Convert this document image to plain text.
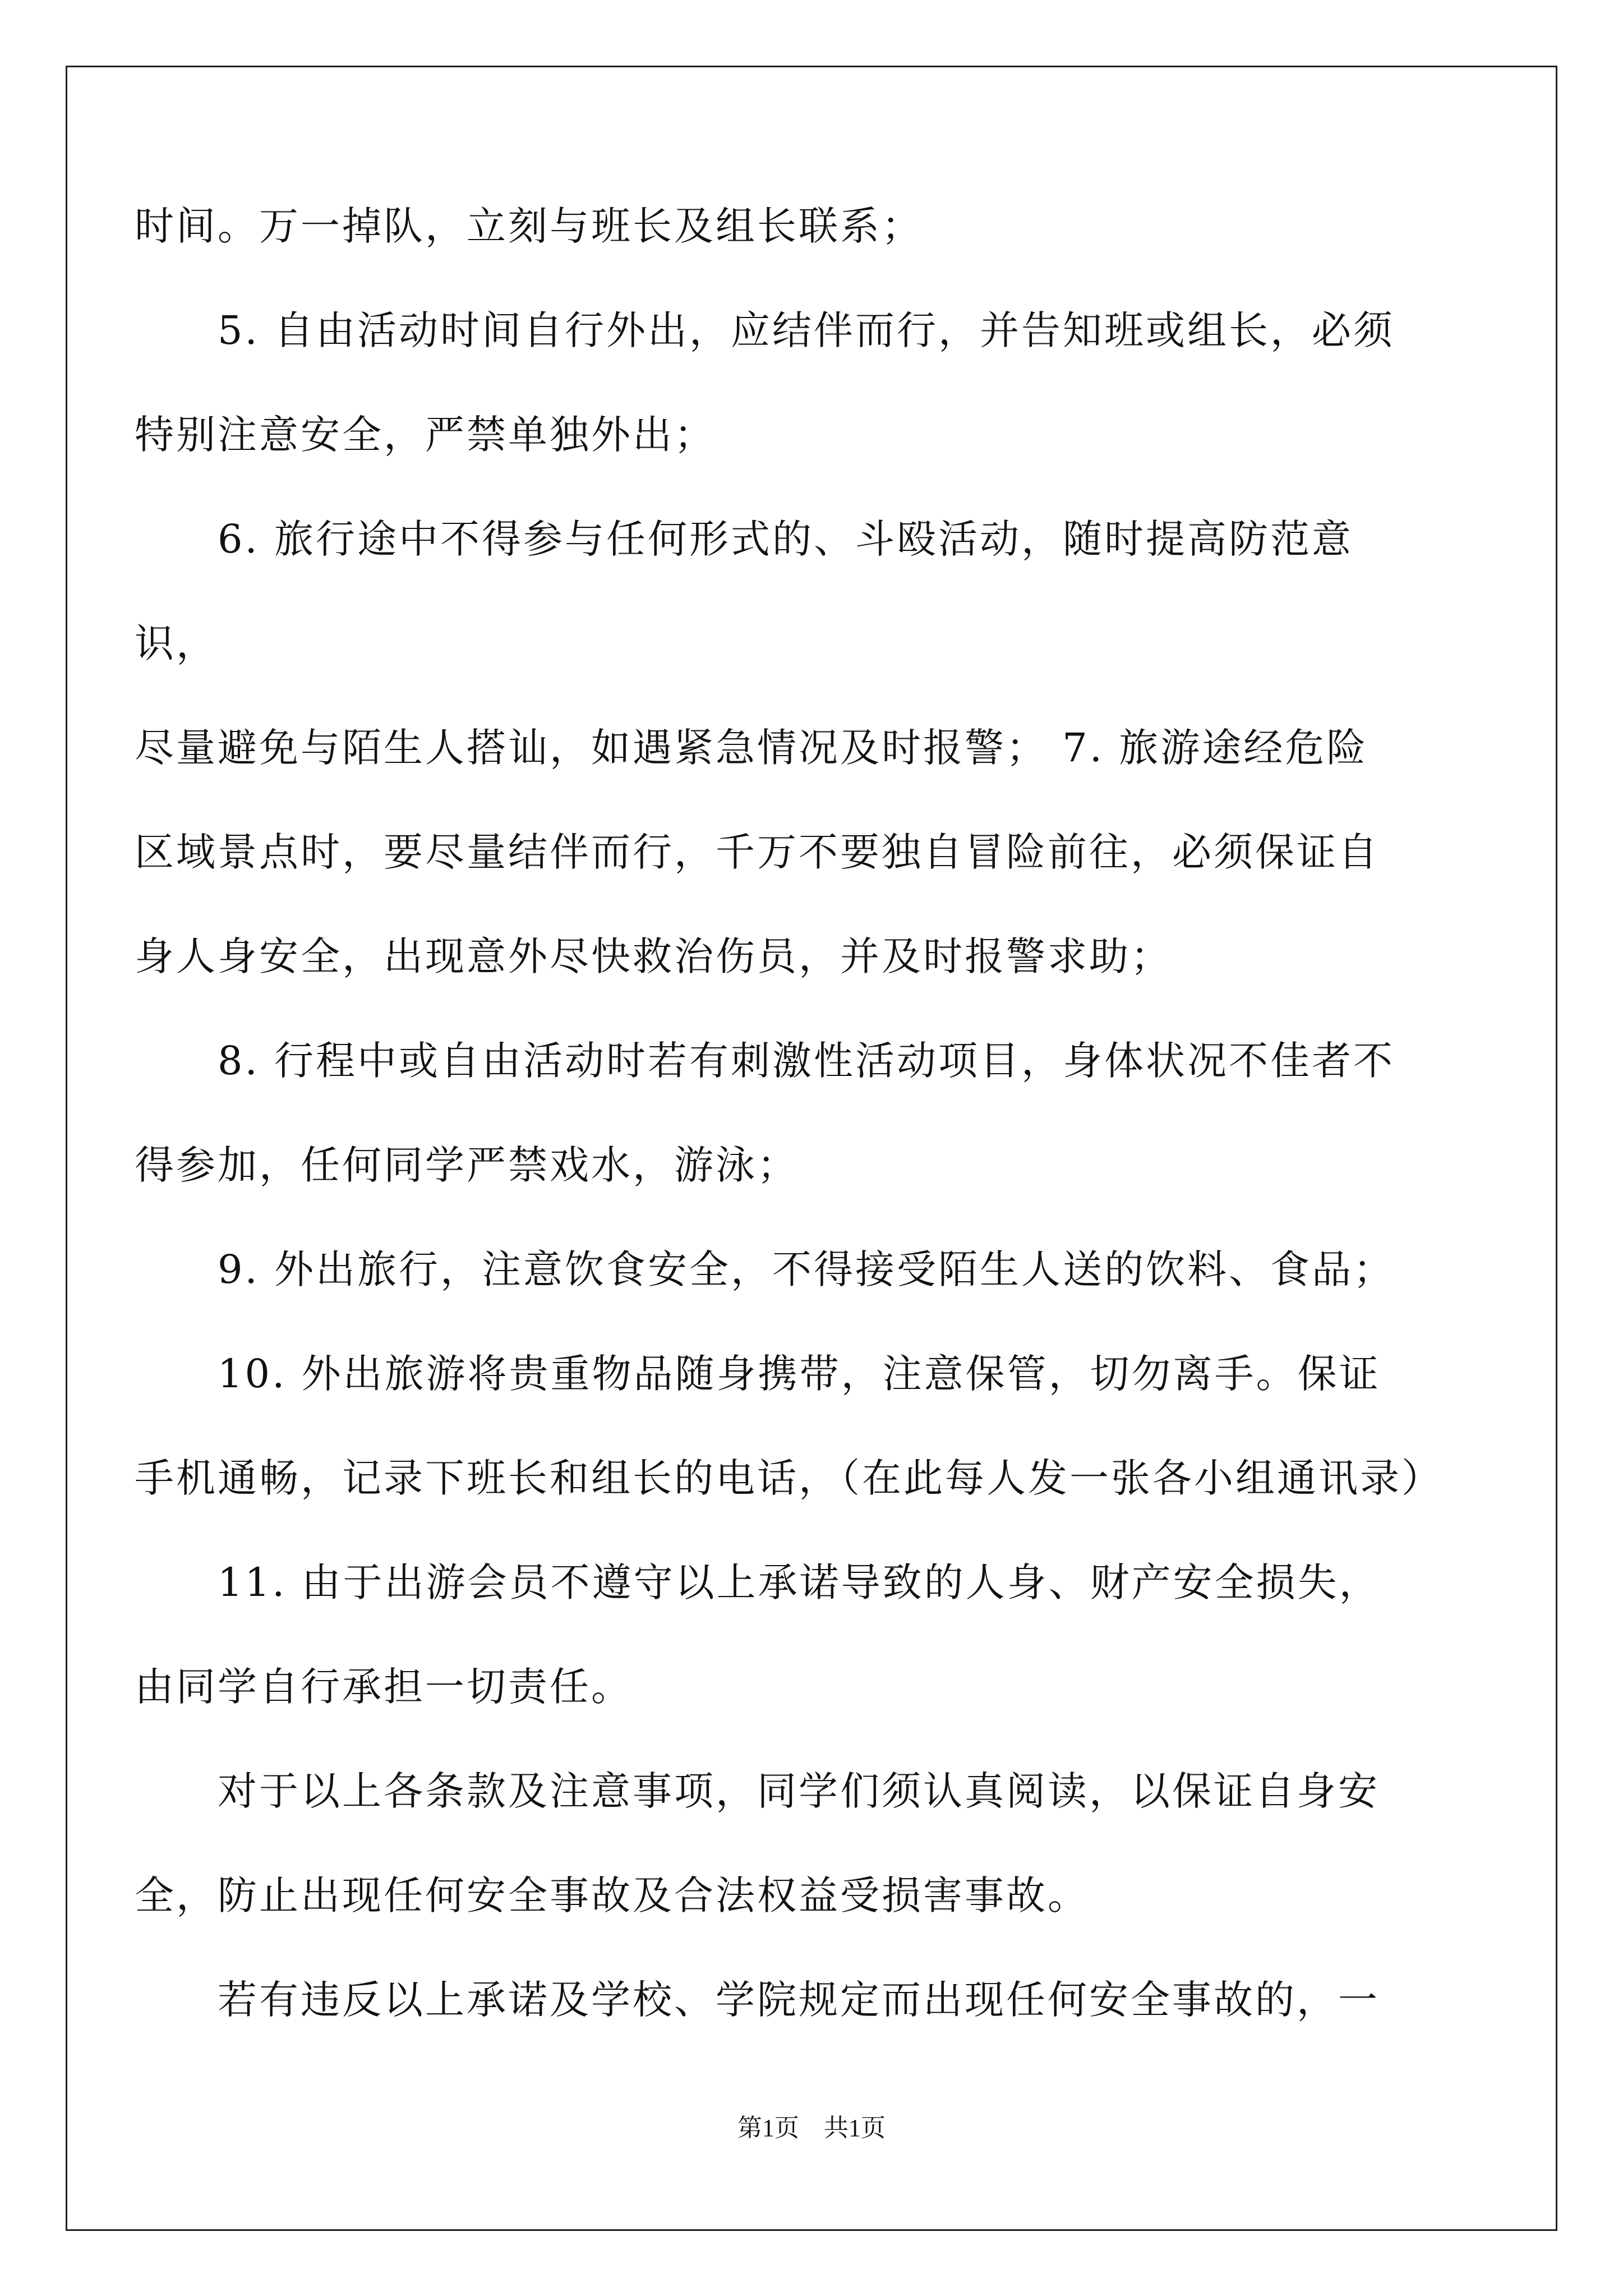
时间。万一掉队，立刻与班长及组长联系；

5. 自由活动时间自行外出，应结伴而行，并告知班或组长，必须

特别注意安全，严禁单独外出；

6. 旅行途中不得参与任何形式的、斗殴活动，随时提高防范意识，

尽量避免与陌生人搭讪，如遇紧急情况及时报警； 7. 旅游途经危险

区域景点时，要尽量结伴而行，千万不要独自冒险前往，必须保证自

身人身安全，出现意外尽快救治伤员，并及时报警求助；

8. 行程中或自由活动时若有刺激性活动项目，身体状况不佳者不

得参加，任何同学严禁戏水，游泳；

9. 外出旅行，注意饮食安全，不得接受陌生人送的饮料、食品；

10. 外出旅游将贵重物品随身携带，注意保管，切勿离手。保证

手机通畅，记录下班长和组长的电话，（在此每人发一张各小组通讯录）

11. 由于出游会员不遵守以上承诺导致的人身、财产安全损失，

由同学自行承担一切责任。

对于以上各条款及注意事项，同学们须认真阅读，以保证自身安

全，防止出现任何安全事故及合法权益受损害事故。

若有违反以上承诺及学校、学院规定而出现任何安全事故的，一

第1页　共1页
